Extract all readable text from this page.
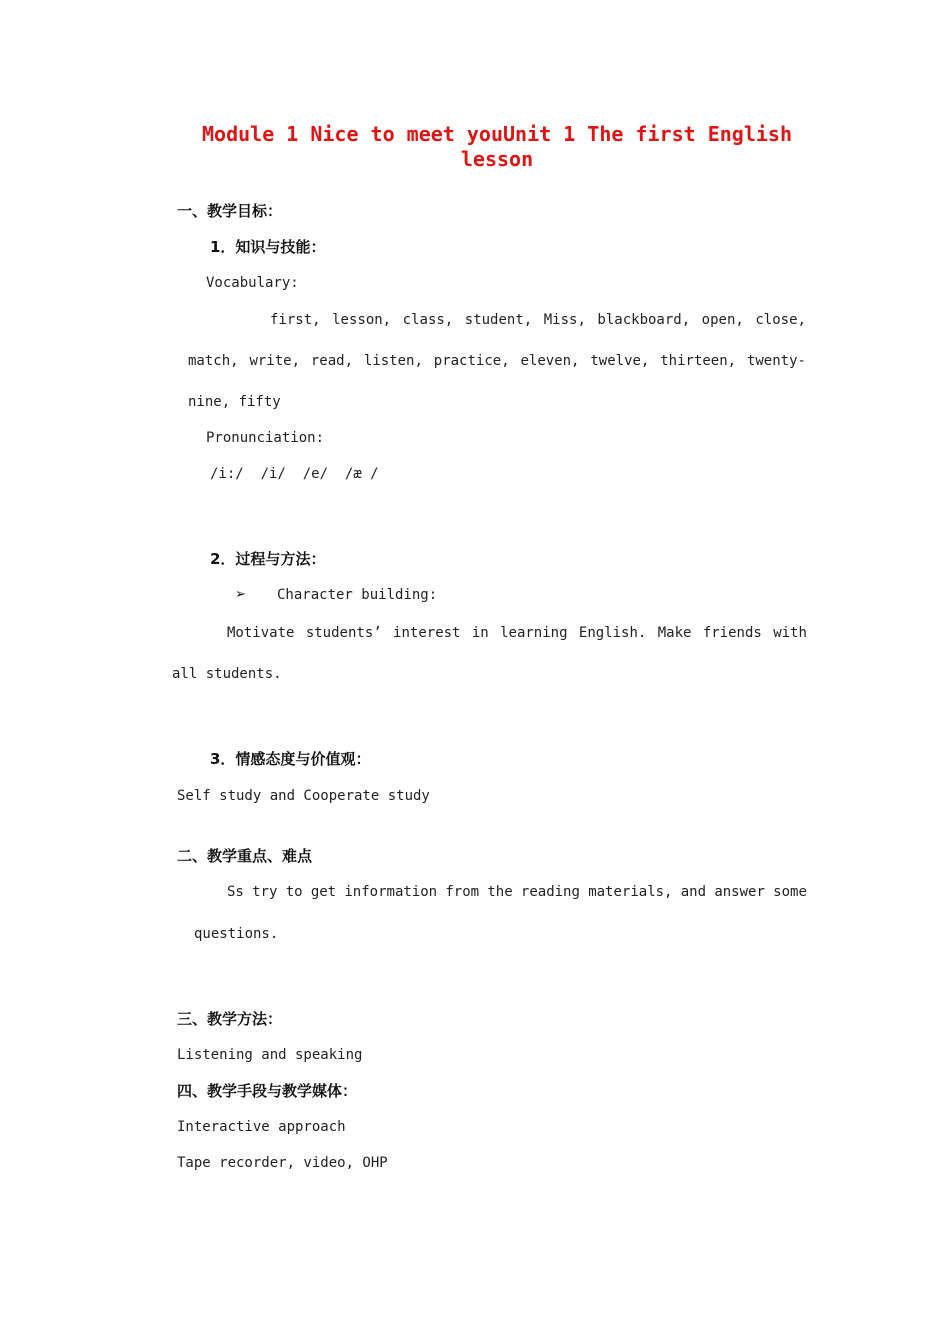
Module 1 Nice to meet youUnit 1 The first English lesson
一、教学目标：
1．知识与技能：
Vocabulary:
first, lesson, class, student, Miss, blackboard, open, close,
match, write, read, listen, practice, eleven, twelve, thirteen, twenty-
nine, fifty
Pronunciation:
/i:/  /i/  /e/  /æ /
2．过程与方法：
➢ Character building:
Motivate students’ interest in learning English. Make friends with
all students.
3．情感态度与价值观：
Self study and Cooperate study
二、教学重点、难点
Ss try to get information from the reading materials, and answer some
questions.
三、教学方法：
Listening and speaking
四、教学手段与教学媒体：
Interactive approach
Tape recorder, video, OHP
